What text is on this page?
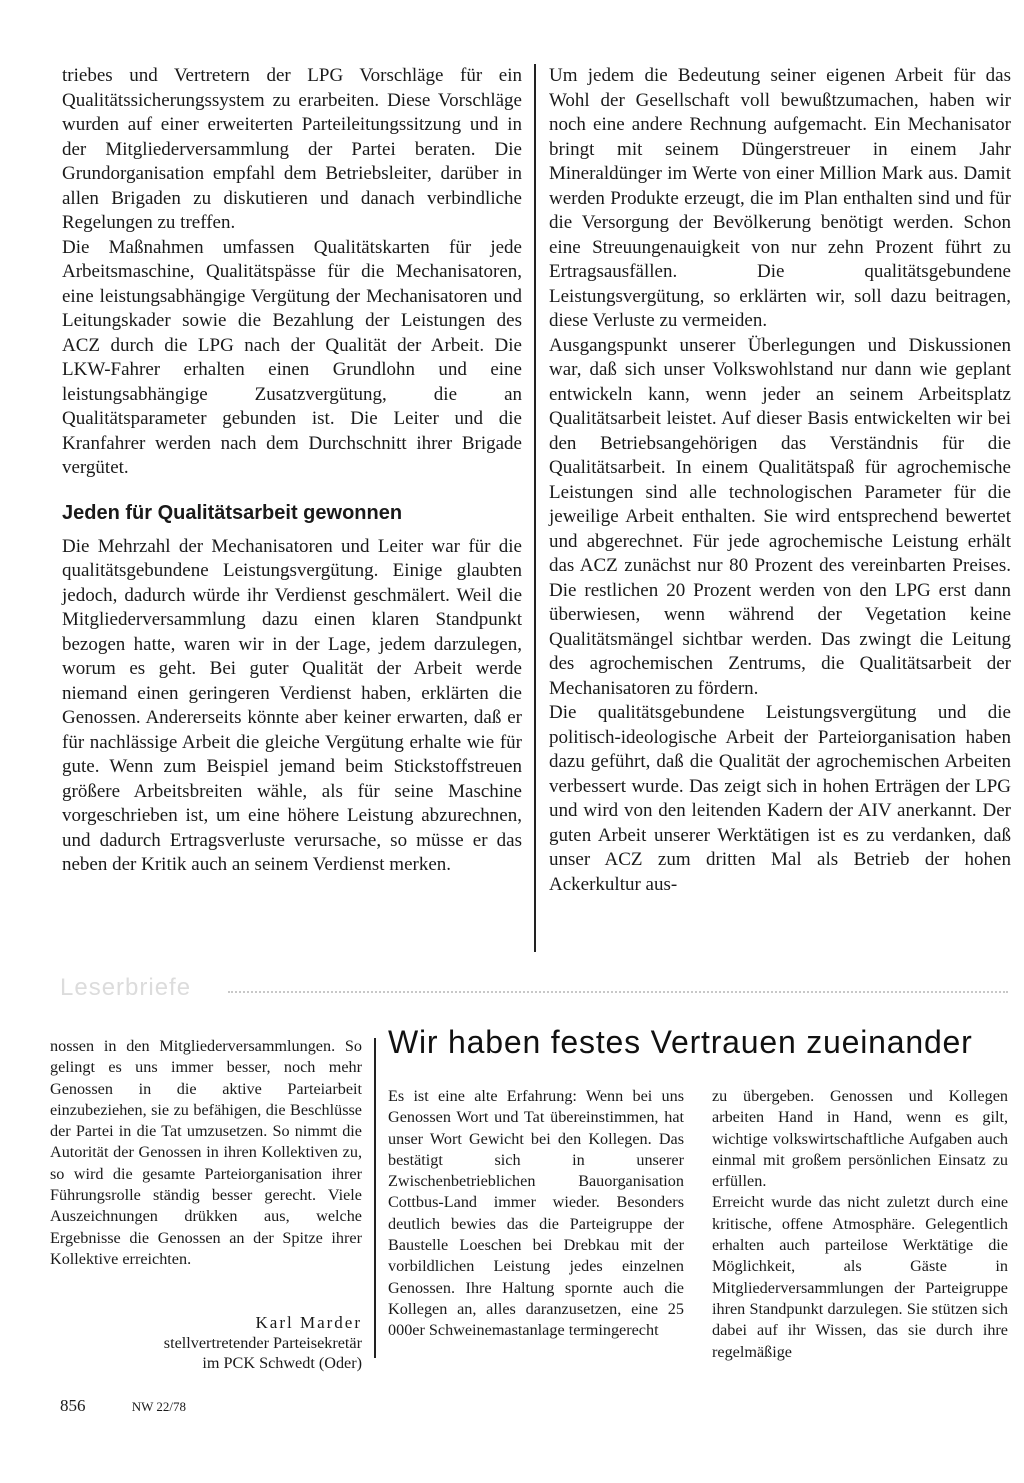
triebes und Vertretern der LPG Vorschläge für ein Qualitätssicherungssystem zu erarbeiten. Diese Vorschläge wurden auf einer erweiterten Parteileitungssitzung und in der Mitgliederversammlung der Partei beraten. Die Grundorganisation empfahl dem Betriebsleiter, darüber in allen Brigaden zu diskutieren und danach verbindliche Regelungen zu treffen.

Die Maßnahmen umfassen Qualitätskarten für jede Arbeitsmaschine, Qualitätspässe für die Mechanisatoren, eine leistungsabhängige Vergütung der Mechanisatoren und Leitungskader sowie die Bezahlung der Leistungen des ACZ durch die LPG nach der Qualität der Arbeit. Die LKW-Fahrer erhalten einen Grundlohn und eine leistungsabhängige Zusatzvergütung, die an Qualitätsparameter gebunden ist. Die Leiter und die Kranfahrer werden nach dem Durchschnitt ihrer Brigade vergütet.

Jeden für Qualitätsarbeit gewonnen

Die Mehrzahl der Mechanisatoren und Leiter war für die qualitätsgebundene Leistungsvergütung. Einige glaubten jedoch, dadurch würde ihr Verdienst geschmälert. Weil die Mitgliederversammlung dazu einen klaren Standpunkt bezogen hatte, waren wir in der Lage, jedem darzulegen, worum es geht. Bei guter Qualität der Arbeit werde niemand einen geringeren Verdienst haben, erklärten die Genossen. Andererseits könnte aber keiner erwarten, daß er für nachlässige Arbeit die gleiche Vergütung erhalte wie für gute. Wenn zum Beispiel jemand beim Stickstoffstreuen größere Arbeitsbreiten wähle, als für seine Maschine vorgeschrieben ist, um eine höhere Leistung abzurechnen, und dadurch Ertragsverluste verursache, so müsse er das neben der Kritik auch an seinem Verdienst merken.

Um jedem die Bedeutung seiner eigenen Arbeit für das Wohl der Gesellschaft voll bewußtzumachen, haben wir noch eine andere Rechnung aufgemacht. Ein Mechanisator bringt mit seinem Düngerstreuer in einem Jahr Mineraldünger im Werte von einer Million Mark aus. Damit werden Produkte erzeugt, die im Plan enthalten sind und für die Versorgung der Bevölkerung benötigt werden. Schon eine Streuungenauigkeit von nur zehn Prozent führt zu Ertragsausfällen. Die qualitätsgebundene Leistungsvergütung, so erklärten wir, soll dazu beitragen, diese Verluste zu vermeiden.

Ausgangspunkt unserer Überlegungen und Diskussionen war, daß sich unser Volkswohlstand nur dann wie geplant entwickeln kann, wenn jeder an seinem Arbeitsplatz Qualitätsarbeit leistet. Auf dieser Basis entwickelten wir bei den Betriebsangehörigen das Verständnis für die Qualitätsarbeit. In einem Qualitätspaß für agrochemische Leistungen sind alle technologischen Parameter für die jeweilige Arbeit enthalten. Sie wird entsprechend bewertet und abgerechnet. Für jede agrochemische Leistung erhält das ACZ zunächst nur 80 Prozent des vereinbarten Preises. Die restlichen 20 Prozent werden von den LPG erst dann überwiesen, wenn während der Vegetation keine Qualitätsmängel sichtbar werden. Das zwingt die Leitung des agrochemischen Zentrums, die Qualitätsarbeit der Mechanisatoren zu fördern.

Die qualitätsgebundene Leistungsvergütung und die politisch-ideologische Arbeit der Parteiorganisation haben dazu geführt, daß die Qualität der agrochemischen Arbeiten verbessert wurde. Das zeigt sich in hohen Erträgen der LPG und wird von den leitenden Kadern der AIV anerkannt. Der guten Arbeit unserer Werktätigen ist es zu verdanken, daß unser ACZ zum dritten Mal als Betrieb der hohen Ackerkultur aus-

Leserbriefe

nossen in den Mitgliederversammlungen. So gelingt es uns immer besser, noch mehr Genossen in die aktive Parteiarbeit einzubeziehen, sie zu befähigen, die Beschlüsse der Partei in die Tat umzusetzen. So nimmt die Autorität der Genossen in ihren Kollektiven zu, so wird die gesamte Parteiorganisation ihrer Führungsrolle ständig besser gerecht. Viele Auszeichnungen drükken aus, welche Ergebnisse die Genossen an der Spitze ihrer Kollektive erreichten.

Karl Marder
stellvertretender Parteisekretär
im PCK Schwedt (Oder)
Wir haben festes Vertrauen zueinander

Es ist eine alte Erfahrung: Wenn bei uns Genossen Wort und Tat übereinstimmen, hat unser Wort Gewicht bei den Kollegen. Das bestätigt sich in unserer Zwischenbetrieblichen Bauorganisation Cottbus-Land immer wieder. Besonders deutlich bewies das die Parteigruppe der Baustelle Loeschen bei Drebkau mit der vorbildlichen Leistung jedes einzelnen Genossen. Ihre Haltung spornte auch die Kollegen an, alles daranzusetzen, eine 25 000er Schweinemastanlage termingerecht

zu übergeben. Genossen und Kollegen arbeiten Hand in Hand, wenn es gilt, wichtige volkswirtschaftliche Aufgaben auch einmal mit großem persönlichen Einsatz zu erfüllen.

Erreicht wurde das nicht zuletzt durch eine kritische, offene Atmosphäre. Gelegentlich erhalten auch parteilose Werktätige die Möglichkeit, als Gäste in Mitgliederversammlungen der Parteigruppe ihren Standpunkt darzulegen. Sie stützen sich dabei auf ihr Wissen, das sie durch ihre regelmäßige

856	NW 22/78
